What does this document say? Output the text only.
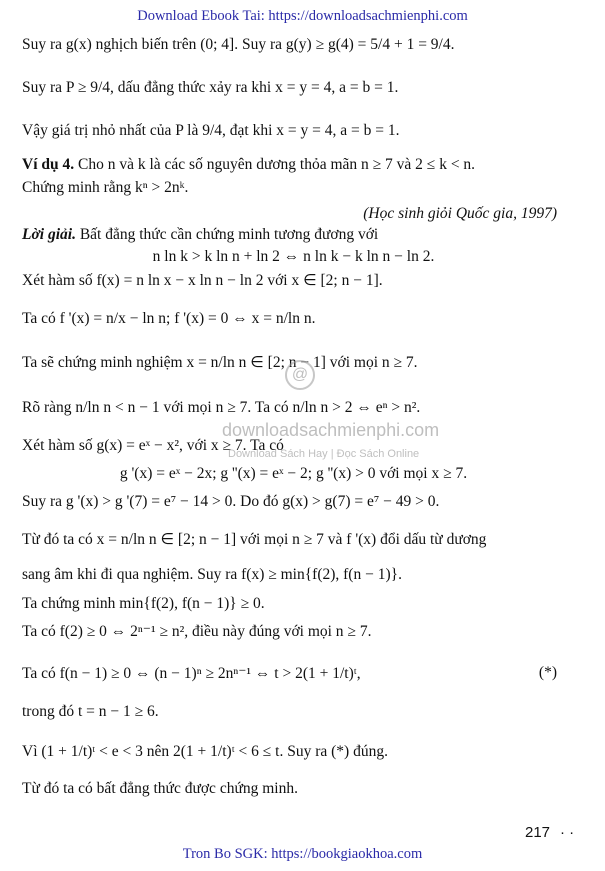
Download Ebook Tai: https://downloadsachmienphi.com
Suy ra g(x) nghịch biến trên (0; 4]. Suy ra g(y) ≥ g(4) = 5/4 + 1 = 9/4.
Suy ra P ≥ 9/4, dấu đẳng thức xảy ra khi x = y = 4, a = b = 1.
Vậy giá trị nhỏ nhất của P là 9/4, đạt khi x = y = 4, a = b = 1.
Ví dụ 4. Cho n và k là các số nguyên dương thỏa mãn n ≥ 7 và 2 ≤ k < n.
Chứng minh rằng kⁿ > 2nᵏ.
(Học sinh giỏi Quốc gia, 1997)
Lời giải. Bất đẳng thức cần chứng minh tương đương với
n ln k > k ln n + ln 2 ⇔ n ln k − k ln n − ln 2.
Xét hàm số f(x) = n ln x − x ln n − ln 2 với x ∈ [2; n − 1].
Ta có f '(x) = n/x − ln n; f '(x) = 0 ⇔ x = n/ln n.
Ta sẽ chứng minh nghiệm x = n/ln n ∈ [2; n − 1] với mọi n ≥ 7.
Rõ ràng n/ln n < n − 1 với mọi n ≥ 7. Ta có n/ln n > 2 ⇔ eⁿ > n².
Xét hàm số g(x) = eˣ − x², với x ≥ 7. Ta có
g '(x) = eˣ − 2x; g ''(x) = eˣ − 2; g ''(x) > 0 với mọi x ≥ 7.
Suy ra g '(x) > g '(7) = e⁷ − 14 > 0. Do đó g(x) > g(7) = e⁷ − 49 > 0.
Từ đó ta có x = n/ln n ∈ [2; n − 1] với mọi n ≥ 7 và f '(x) đổi dấu từ dương
sang âm khi đi qua nghiệm. Suy ra f(x) ≥ min{f(2), f(n − 1)}.
Ta chứng minh min{f(2), f(n − 1)} ≥ 0.
Ta có f(2) ≥ 0 ⇔ 2ⁿ⁻¹ ≥ n², điều này đúng với mọi n ≥ 7.
Ta có f(n − 1) ≥ 0 ⇔ (n − 1)ⁿ ≥ 2nⁿ⁻¹ ⇔ t > 2(1 + 1/t)ᵗ,	(*)
trong đó t = n − 1 ≥ 6.
Vì (1 + 1/t)ᵗ < e < 3 nên 2(1 + 1/t)ᵗ < 6 ≤ t. Suy ra (*) đúng.
Từ đó ta có bất đẳng thức được chứng minh.
@
downloadsachmienphi.com
Download Sách Hay | Đọc Sách Online
217 · ·
Tron Bo SGK: https://bookgiaokhoa.com
